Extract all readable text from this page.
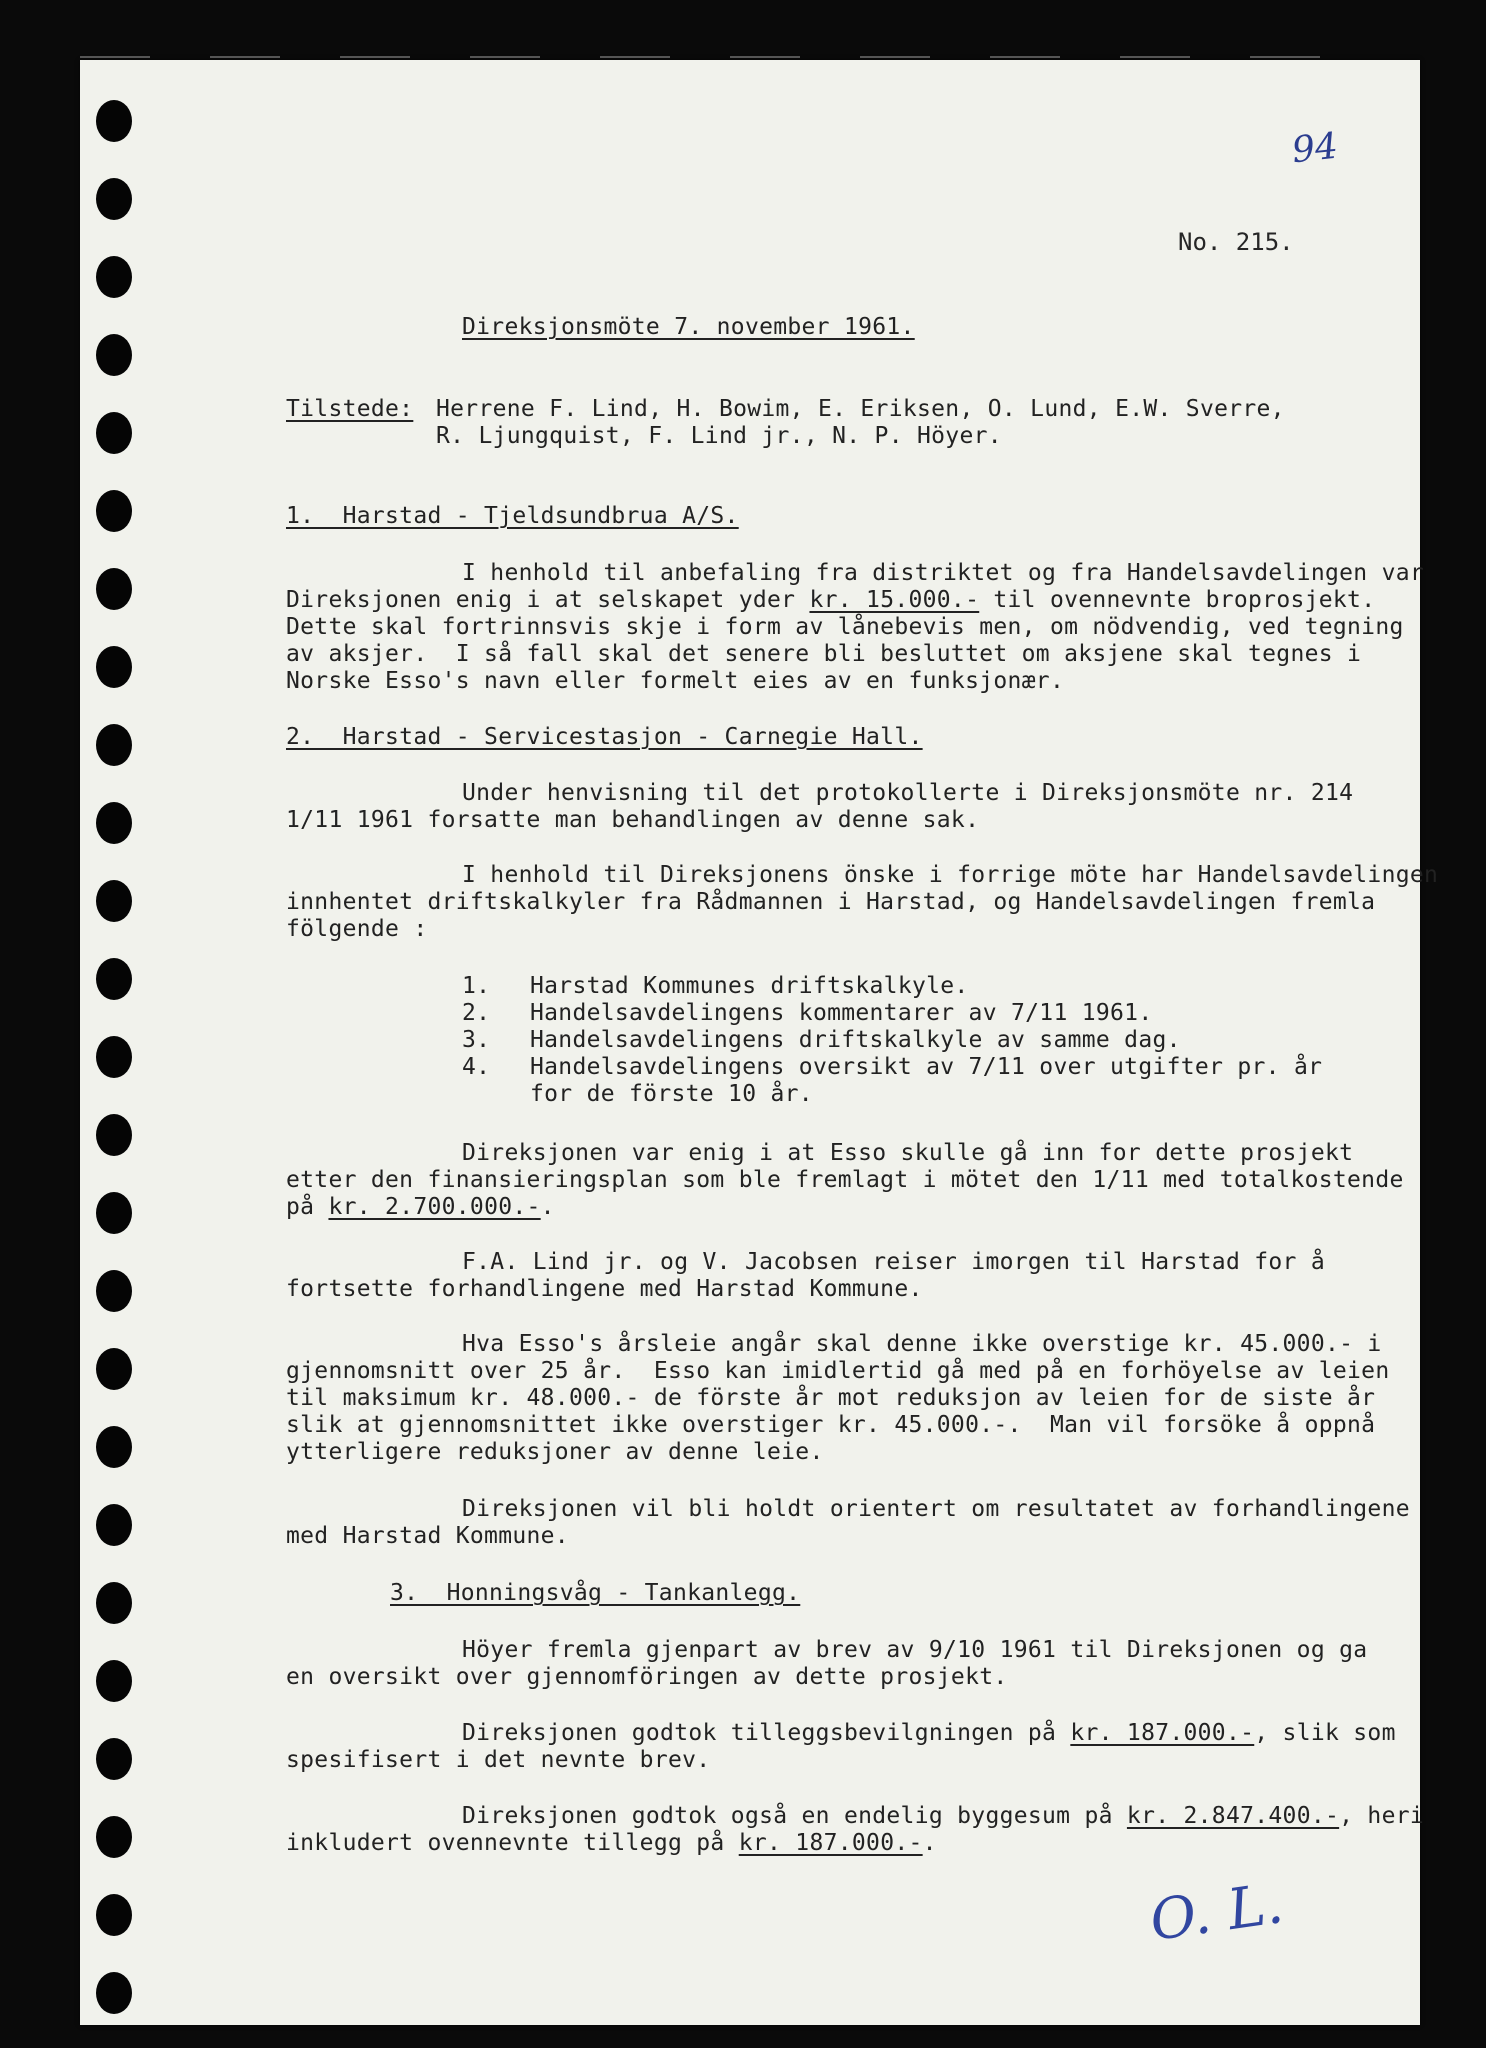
94
No. 215.
Direksjonsmöte 7. november 1961.
Tilstede: Herrene F. Lind, H. Bowim, E. Eriksen, O. Lund, E.W. Sverre,
R. Ljungquist, F. Lind jr., N. P. Höyer.
1.  Harstad - Tjeldsundbrua A/S.
I henhold til anbefaling fra distriktet og fra Handelsavdelingen var
Direksjonen enig i at selskapet yder kr. 15.000.- til ovennevnte broprosjekt.
Dette skal fortrinnsvis skje i form av lånebevis men, om nödvendig, ved tegning
av aksjer.  I så fall skal det senere bli besluttet om aksjene skal tegnes i
Norske Esso's navn eller formelt eies av en funksjonær.
2.  Harstad - Servicestasjon - Carnegie Hall.
Under henvisning til det protokollerte i Direksjonsmöte nr. 214
1/11 1961 forsatte man behandlingen av denne sak.
I henhold til Direksjonens önske i forrige möte har Handelsavdelingen
innhentet driftskalkyler fra Rådmannen i Harstad, og Handelsavdelingen fremla
fölgende :
1. Harstad Kommunes driftskalkyle.
2. Handelsavdelingens kommentarer av 7/11 1961.
3. Handelsavdelingens driftskalkyle av samme dag.
4. Handelsavdelingens oversikt av 7/11 over utgifter pr. år
for de förste 10 år.
Direksjonen var enig i at Esso skulle gå inn for dette prosjekt
etter den finansieringsplan som ble fremlagt i mötet den 1/11 med totalkostende
på kr. 2.700.000.-.
F.A. Lind jr. og V. Jacobsen reiser imorgen til Harstad for å
fortsette forhandlingene med Harstad Kommune.
Hva Esso's årsleie angår skal denne ikke overstige kr. 45.000.- i
gjennomsnitt over 25 år.  Esso kan imidlertid gå med på en forhöyelse av leien
til maksimum kr. 48.000.- de förste år mot reduksjon av leien for de siste år
slik at gjennomsnittet ikke overstiger kr. 45.000.-.  Man vil forsöke å oppnå
ytterligere reduksjoner av denne leie.
Direksjonen vil bli holdt orientert om resultatet av forhandlingene
med Harstad Kommune.
3.  Honningsvåg - Tankanlegg.
Höyer fremla gjenpart av brev av 9/10 1961 til Direksjonen og ga
en oversikt over gjennomföringen av dette prosjekt.
Direksjonen godtok tilleggsbevilgningen på kr. 187.000.-, slik som
spesifisert i det nevnte brev.
Direksjonen godtok også en endelig byggesum på kr. 2.847.400.-, heri
inkludert ovennevnte tillegg på kr. 187.000.-.
O. L.
